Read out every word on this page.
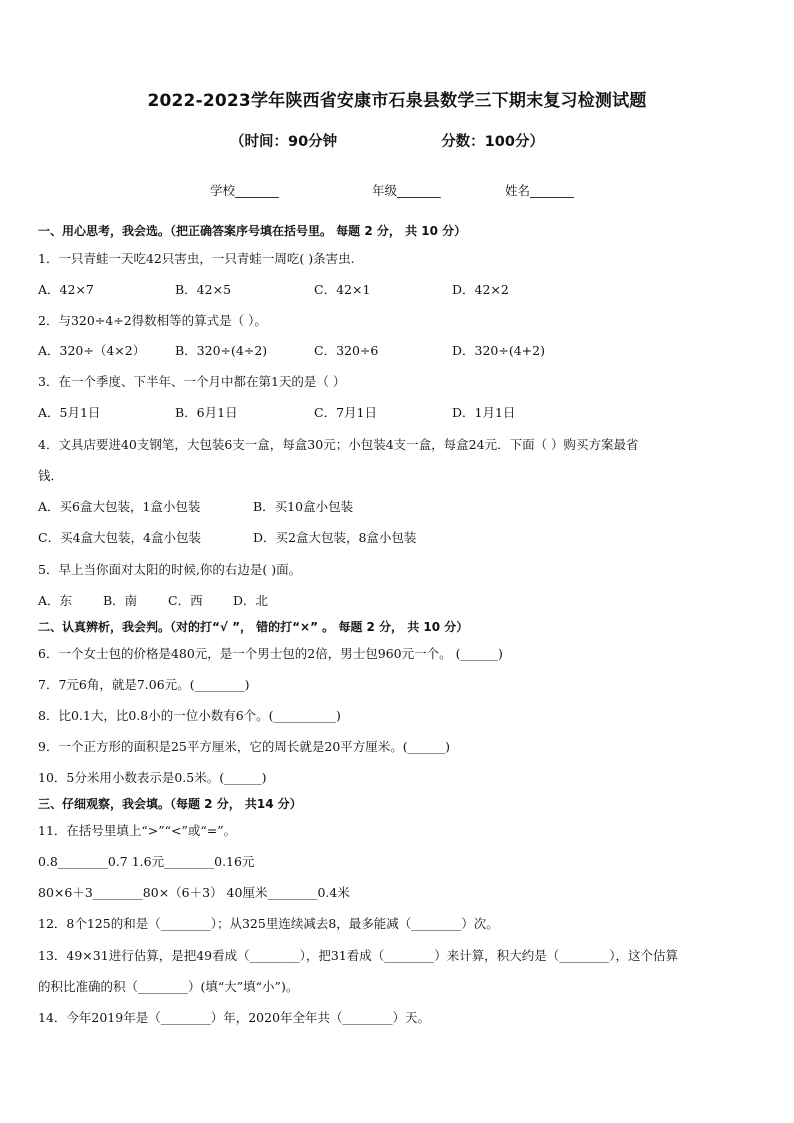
2022-2023学年陕西省安康市石泉县数学三下期末复习检测试题
（时间：90分钟	分数：100分）
学校_______	年级_______	姓名_______
一、用心思考，我会选。（把正确答案序号填在括号里。 每题 2 分， 共 10 分）
1．一只青蛙一天吃42只害虫，一只青蛙一周吃( )条害虫.
A．42×7	B．42×5	C．42×1	D．42×2
2．与320÷4÷2得数相等的算式是（ ）。
A．320÷（4×2） B．320÷(4÷2)	C．320÷6	D．320÷(4+2)
3．在一个季度、下半年、一个月中都在第1天的是（ ）
A．5月1日	B．6月1日	C．7月1日	D．1月1日
4．文具店要进40支钢笔，大包装6支一盒，每盒30元；小包装4支一盒，每盒24元．下面（ ）购买方案最省
钱．
A．买6盒大包装，1盒小包装	B．买10盒小包装
C．买4盒大包装，4盒小包装	D．买2盒大包装，8盒小包装
5．早上当你面对太阳的时候,你的右边是( )面。
A．东 B．南 C．西 D．北
二、认真辨析，我会判。（对的打“√ ”， 错的打“×” 。 每题 2 分， 共 10 分）
6．一个女士包的价格是480元，是一个男士包的2倍，男士包960元一个。 (______)
7．7元6角，就是7.06元。(________)
8．比0.1大，比0.8小的一位小数有6个。(__________)
9．一个正方形的面积是25平方厘米，它的周长就是20平方厘米。(______)
10．5分米用小数表示是0.5米。(______)
三、仔细观察，我会填。（每题 2 分， 共14 分）
11．在括号里填上“>”“<”或“=”。
0.8________0.7 1.6元________0.16元
80×6＋3________80×（6＋3） 40厘米________0.4米
12．8个125的和是（________）；从325里连续减去8，最多能减（________）次。
13．49×31进行估算，是把49看成（________），把31看成（________）来计算，积大约是（________），这个估算
的积比准确的积（________）(填“大”填“小”)。
14．今年2019年是（________）年，2020年全年共（________）天。
